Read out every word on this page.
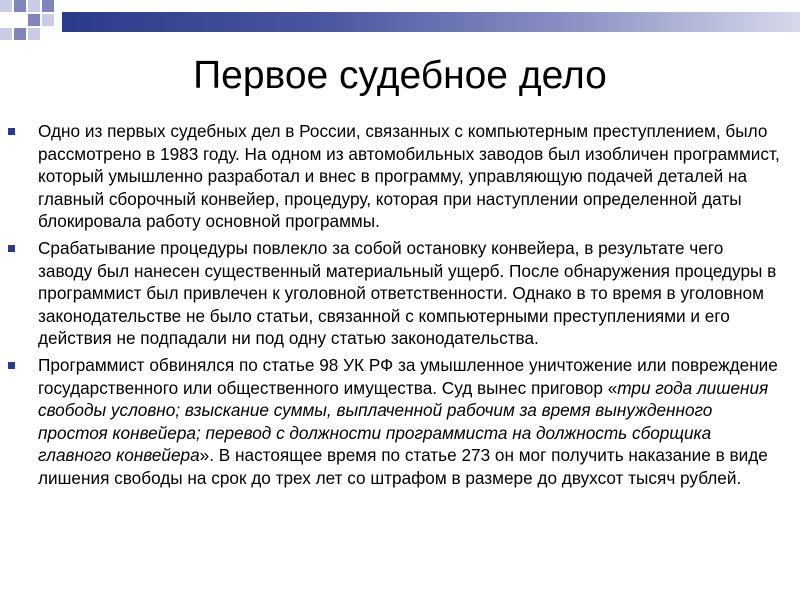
Первое судебное дело
Одно из первых судебных дел в России, связанных с компьютерным преступлением, было рассмотрено в 1983 году. На одном из автомобильных заводов был изобличен программист, который умышленно разработал и внес в программу, управляющую подачей деталей на главный сборочный конвейер, процедуру, которая при наступлении определенной даты блокировала работу основной программы.
Срабатывание процедуры повлекло за собой остановку конвейера, в результате чего заводу был нанесен существенный материальный ущерб. После обнаружения процедуры в программист был привлечен к уголовной ответственности. Однако в то время в уголовном законодательстве не было статьи, связанной с компьютерными преступлениями и его действия не подпадали ни под одну статью законодательства.
Программист обвинялся по статье 98 УК РФ за умышленное уничтожение или повреждение государственного или общественного имущества. Суд вынес приговор «три года лишения свободы условно; взыскание суммы, выплаченной рабочим за время вынужденного простоя конвейера; перевод с должности программиста на должность сборщика главного конвейера». В настоящее время по статье 273 он мог получить наказание в виде лишения свободы на срок до трех лет со штрафом в размере до двухсот тысяч рублей.
